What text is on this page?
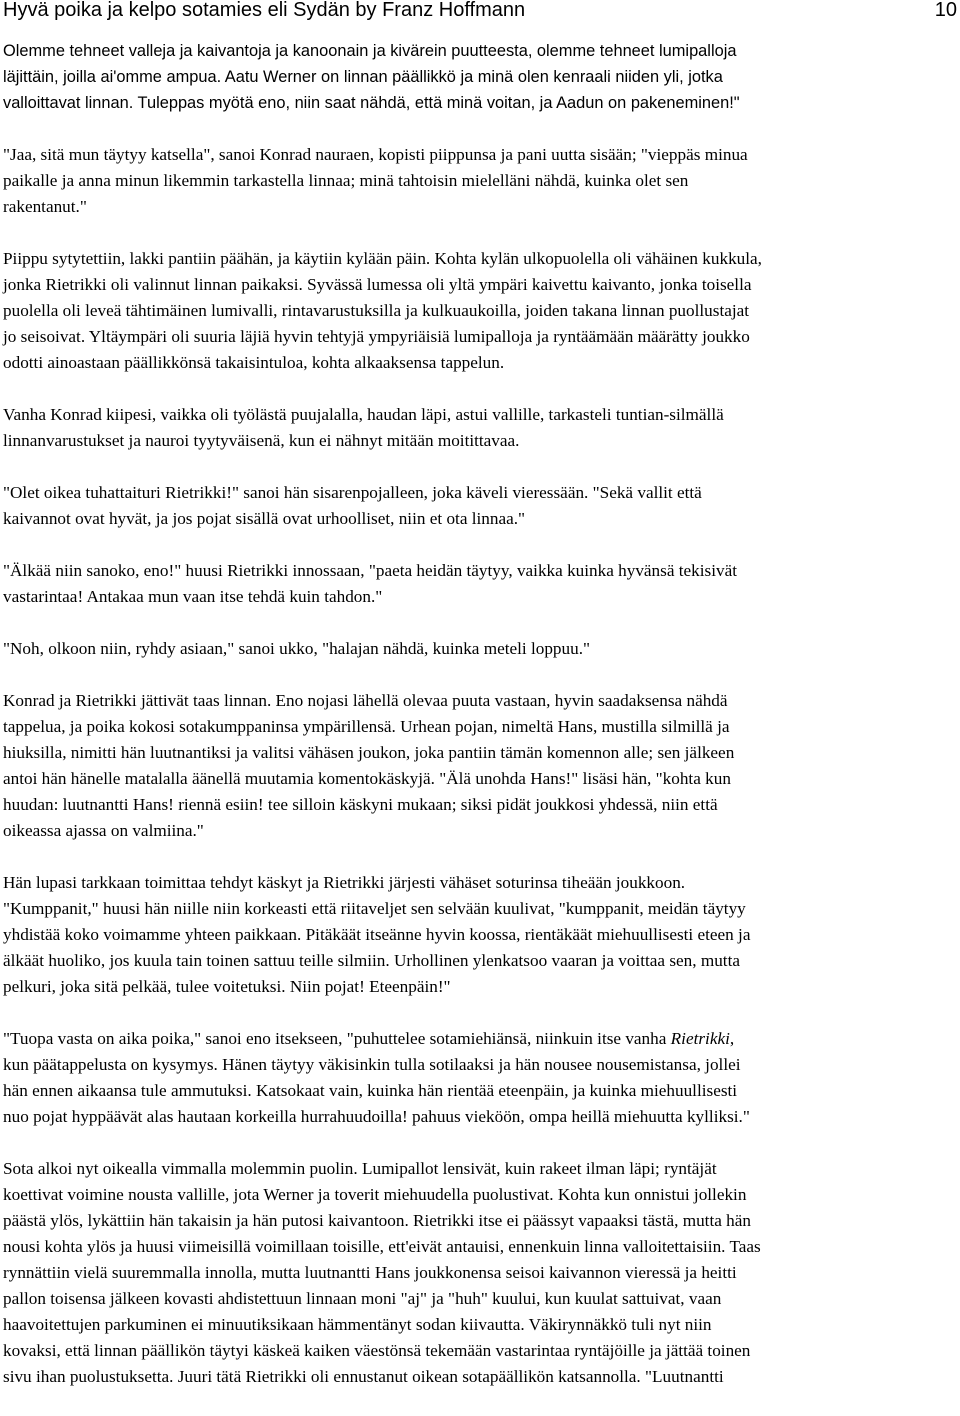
Hyvä poika ja kelpo sotamies eli Sydän by Franz Hoffmann	10

Olemme tehneet valleja ja kaivantoja ja kanoonain ja kivärein puutteesta, olemme tehneet lumipalloja
läjittäin, joilla ai'omme ampua. Aatu Werner on linnan päällikkö ja minä olen kenraali niiden yli, jotka
valloittavat linnan. Tuleppas myötä eno, niin saat nähdä, että minä voitan, ja Aadun on pakeneminen!"

"Jaa, sitä mun täytyy katsella", sanoi Konrad nauraen, kopisti piippunsa ja pani uutta sisään; "vieppäs minua
paikalle ja anna minun likemmin tarkastella linnaa; minä tahtoisin mielelläni nähdä, kuinka olet sen
rakentanut."

Piippu sytytettiin, lakki pantiin päähän, ja käytiin kylään päin. Kohta kylän ulkopuolella oli vähäinen kukkula,
jonka Rietrikki oli valinnut linnan paikaksi. Syvässä lumessa oli yltä ympäri kaivettu kaivanto, jonka toisella
puolella oli leveä tähtimäinen lumivalli, rintavarustuksilla ja kulkuaukoilla, joiden takana linnan puollustajat
jo seisoivat. Yltäympäri oli suuria läjiä hyvin tehtyjä ympyriäisiä lumipalloja ja ryntäämään määrätty joukko
odotti ainoastaan päällikkönsä takaisintuloa, kohta alkaaksensa tappelun.

Vanha Konrad kiipesi, vaikka oli työlästä puujalalla, haudan läpi, astui vallille, tarkasteli tuntian-silmällä
linnanvarustukset ja nauroi tyytyväisenä, kun ei nähnyt mitään moitittavaa.

"Olet oikea tuhattaituri Rietrikki!" sanoi hän sisarenpojalleen, joka käveli vieressään. "Sekä vallit että
kaivannot ovat hyvät, ja jos pojat sisällä ovat urhoolliset, niin et ota linnaa."

"Älkää niin sanoko, eno!" huusi Rietrikki innossaan, "paeta heidän täytyy, vaikka kuinka hyvänsä tekisivät
vastarintaa! Antakaa mun vaan itse tehdä kuin tahdon."

"Noh, olkoon niin, ryhdy asiaan," sanoi ukko, "halajan nähdä, kuinka meteli loppuu."

Konrad ja Rietrikki jättivät taas linnan. Eno nojasi lähellä olevaa puuta vastaan, hyvin saadaksensa nähdä
tappelua, ja poika kokosi sotakumppaninsa ympärillensä. Urhean pojan, nimeltä Hans, mustilla silmillä ja
hiuksilla, nimitti hän luutnantiksi ja valitsi vähäsen joukon, joka pantiin tämän komennon alle; sen jälkeen
antoi hän hänelle matalalla äänellä muutamia komentokäskyjä. "Älä unohda Hans!" lisäsi hän, "kohta kun
huudan: luutnantti Hans! riennä esiin! tee silloin käskyni mukaan; siksi pidät joukkosi yhdessä, niin että
oikeassa ajassa on valmiina."

Hän lupasi tarkkaan toimittaa tehdyt käskyt ja Rietrikki järjesti vähäset soturinsa tiheään joukkoon.
"Kumppanit," huusi hän niille niin korkeasti että riitaveljet sen selvään kuulivat, "kumppanit, meidän täytyy
yhdistää koko voimamme yhteen paikkaan. Pitäkäät itseänne hyvin koossa, rientäkäät miehuullisesti eteen ja
älkäät huoliko, jos kuula tain toinen sattuu teille silmiin. Urhollinen ylenkatsoo vaaran ja voittaa sen, mutta
pelkuri, joka sitä pelkää, tulee voitetuksi. Niin pojat! Eteenpäin!"

"Tuopa vasta on aika poika," sanoi eno itsekseen, "puhuttelee sotamiehiänsä, niinkuin itse vanha Rietrikki,
kun päätappelusta on kysymys. Hänen täytyy väkisinkin tulla sotilaaksi ja hän nousee nousemistansa, jollei
hän ennen aikaansa tule ammutuksi. Katsokaat vain, kuinka hän rientää eteenpäin, ja kuinka miehuullisesti
nuo pojat hyppäävät alas hautaan korkeilla hurrahuudoilla! pahuus vieköön, ompa heillä miehuutta kylliksi."

Sota alkoi nyt oikealla vimmalla molemmin puolin. Lumipallot lensivät, kuin rakeet ilman läpi; ryntäjät
koettivat voimine nousta vallille, jota Werner ja toverit miehuudella puolustivat. Kohta kun onnistui jollekin
päästä ylös, lykättiin hän takaisin ja hän putosi kaivantoon. Rietrikki itse ei päässyt vapaaksi tästä, mutta hän
nousi kohta ylös ja huusi viimeisillä voimillaan toisille, ett'eivät antauisi, ennenkuin linna valloitettaisiin. Taas
rynnättiin vielä suuremmalla innolla, mutta luutnantti Hans joukkonensa seisoi kaivannon vieressä ja heitti
pallon toisensa jälkeen kovasti ahdistettuun linnaan moni "aj" ja "huh" kuului, kun kuulat sattuivat, vaan
haavoitettujen parkuminen ei minuutiksikaan hämmentänyt sodan kiivautta. Väkirynnäkkö tuli nyt niin
kovaksi, että linnan päällikön täytyi käskeä kaiken väestönsä tekemään vastarintaa ryntäjöille ja jättää toinen
sivu ihan puolustuksetta. Juuri tätä Rietrikki oli ennustanut oikean sotapäällikön katsannolla. "Luutnantti
